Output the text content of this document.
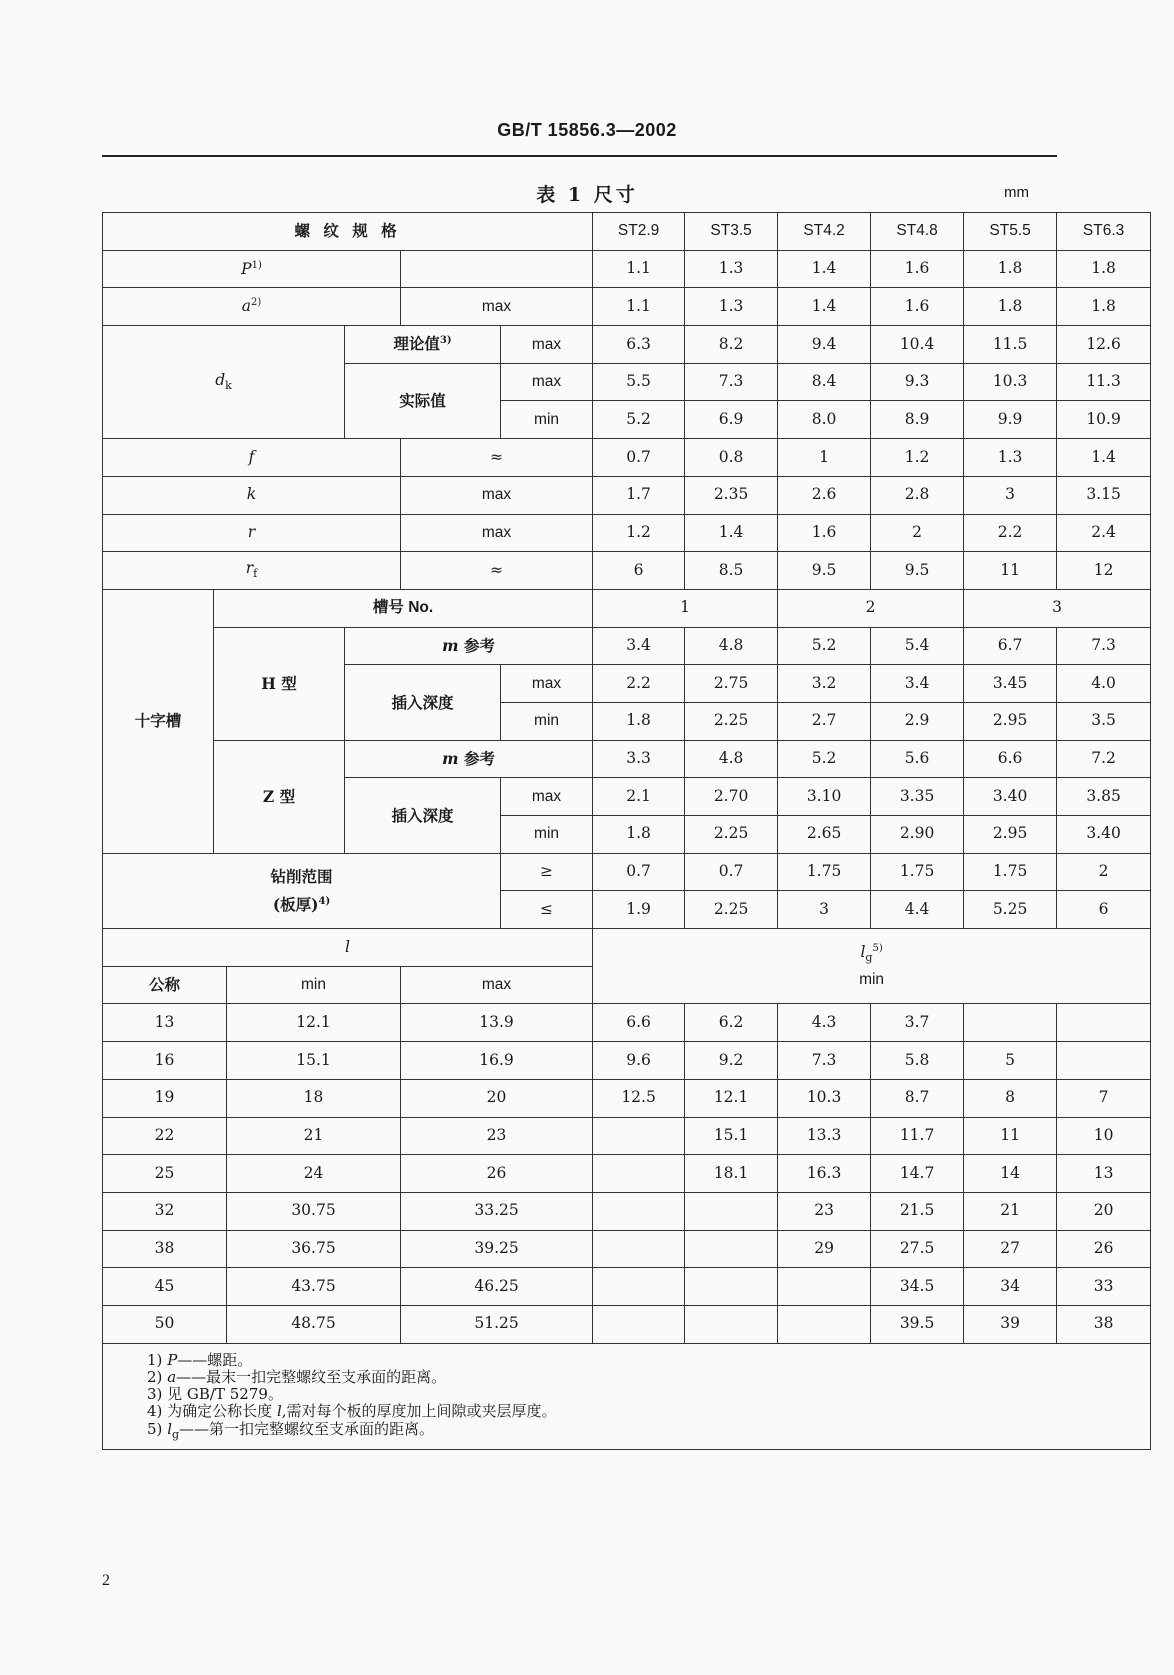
GB/T 15856.3—2002
表 1 尺寸	mm
螺 纹 规 格						ST2.9	ST3.5	ST4.2	ST4.8	ST5.5	ST6.3
$P^{1)}$						1.1	1.3	1.4	1.6	1.8	1.8
$a^{2)}$				max		1.1	1.3	1.4	1.6	1.8	1.8
$d_k$			理论值$^{3)}$		max	6.3	8.2	9.4	10.4	11.5	12.6
			实际值		max	5.5	7.3	8.4	9.3	10.3	11.3
					min	5.2	6.9	8.0	8.9	9.9	10.9
f				≈		0.7	0.8	1	1.2	1.3	1.4
k				max		1.7	2.35	2.6	2.8	3	3.15
r				max		1.2	1.4	1.6	2	2.2	2.4
$r_f$				≈		6	8.5	9.5	9.5	11	12
十字槽	槽号 No.					1		2		3	
	H 型		m 参考			3.4	4.8	5.2	5.4	6.7	7.3
			插入深度		max	2.2	2.75	3.2	3.4	3.45	4.0
					min	1.8	2.25	2.7	2.9	2.95	3.5
	Z 型		m 参考			3.3	4.8	5.2	5.6	6.6	7.2
			插入深度		max	2.1	2.70	3.10	3.35	3.40	3.85
					min	1.8	2.25	2.65	2.90	2.95	3.40
钻削范围
(板厚)$^{4)}$					≥	0.7	0.7	1.75	1.75	1.75	2
					≤	1.9	2.25	3	4.4	5.25	6
l						$l_g^{5)}$
min					
公称		min		max							
13		12.1		13.9		6.6	6.2	4.3	3.7		
16		15.1		16.9		9.6	9.2	7.3	5.8	5	
19		18		20		12.5	12.1	10.3	8.7	8	7
22		21		23			15.1	13.3	11.7	11	10
25		24		26			18.1	16.3	14.7	14	13
32		30.75		33.25				23	21.5	21	20
38		36.75		39.25				29	27.5	27	26
45		43.75		46.25					34.5	34	33
50		48.75		51.25					39.5	39	38

1) P——螺距。
2) a——最末一扣完整螺纹至支承面的距离。
3) 见 GB/T 5279。
4) 为确定公称长度 l,需对每个板的厚度加上间隙或夹层厚度。
5) $l_g——$第一扣完整螺纹至支承面的距离。											
2
